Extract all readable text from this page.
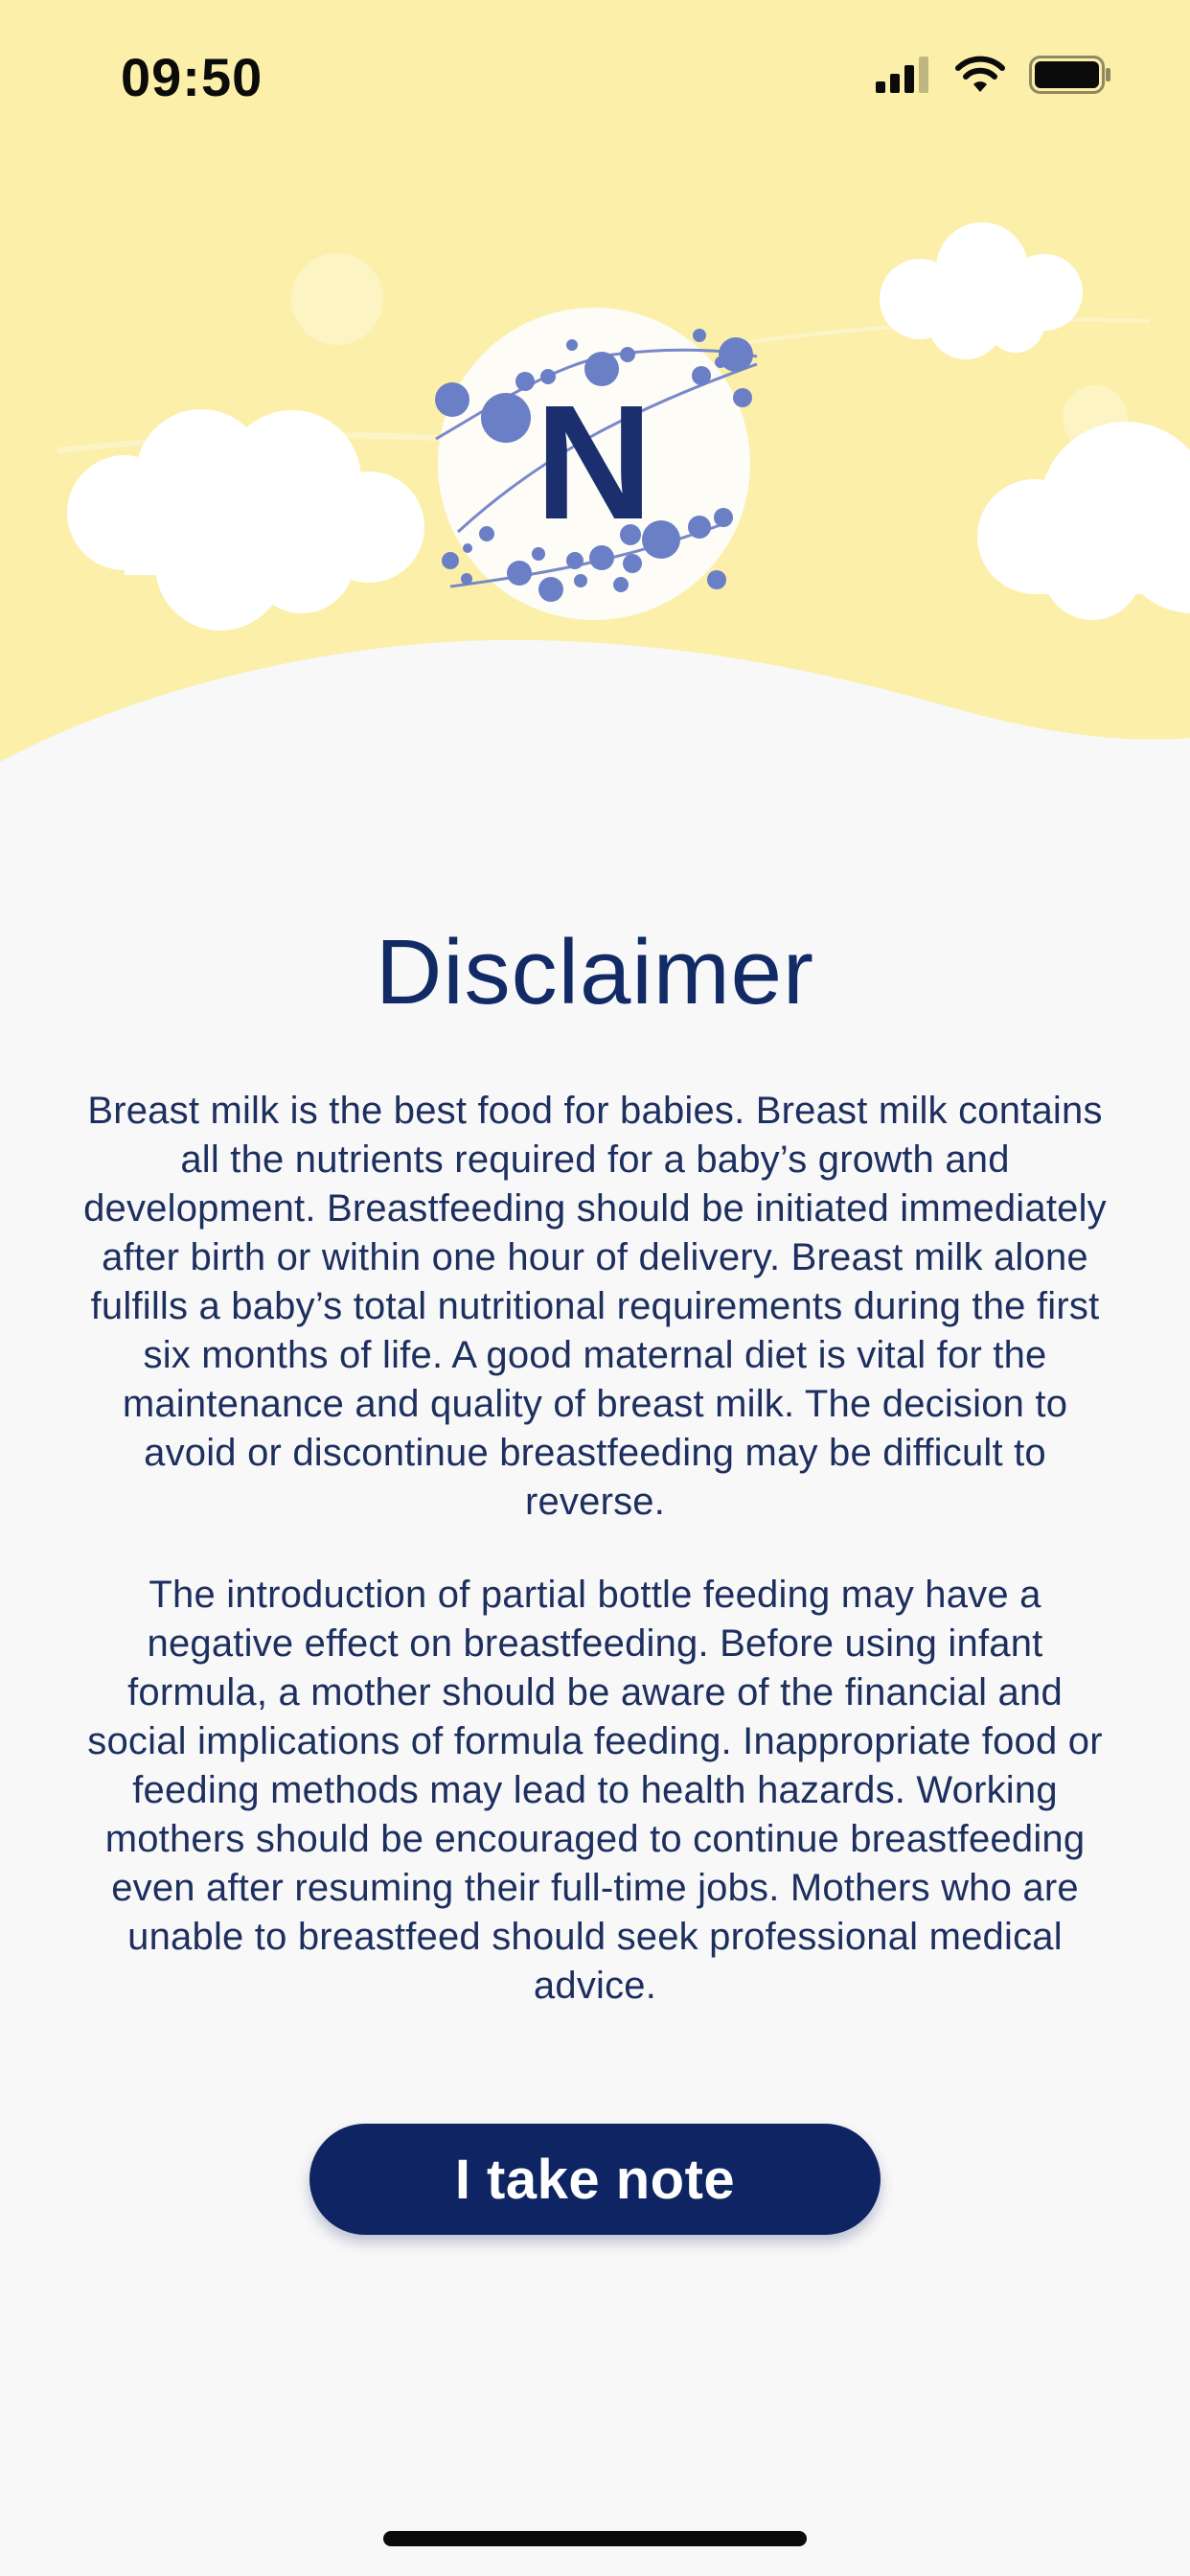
N
09:50
Disclaimer

Breast milk is the best food for babies. Breast milk contains all the nutrients required for a baby’s growth and development. Breastfeeding should be initiated immediately after birth or within one hour of delivery. Breast milk alone fulfills a baby’s total nutritional requirements during the first six months of life. A good maternal diet is vital for the maintenance and quality of breast milk. The decision to avoid or discontinue breastfeeding may be difficult to reverse.

The introduction of partial bottle feeding may have a negative effect on breastfeeding. Before using infant formula, a mother should be aware of the financial and social implications of formula feeding. Inappropriate food or feeding methods may lead to health hazards. Working mothers should be encouraged to continue breastfeeding even after resuming their full-time jobs. Mothers who are unable to breastfeed should seek professional medical advice.

I take note
